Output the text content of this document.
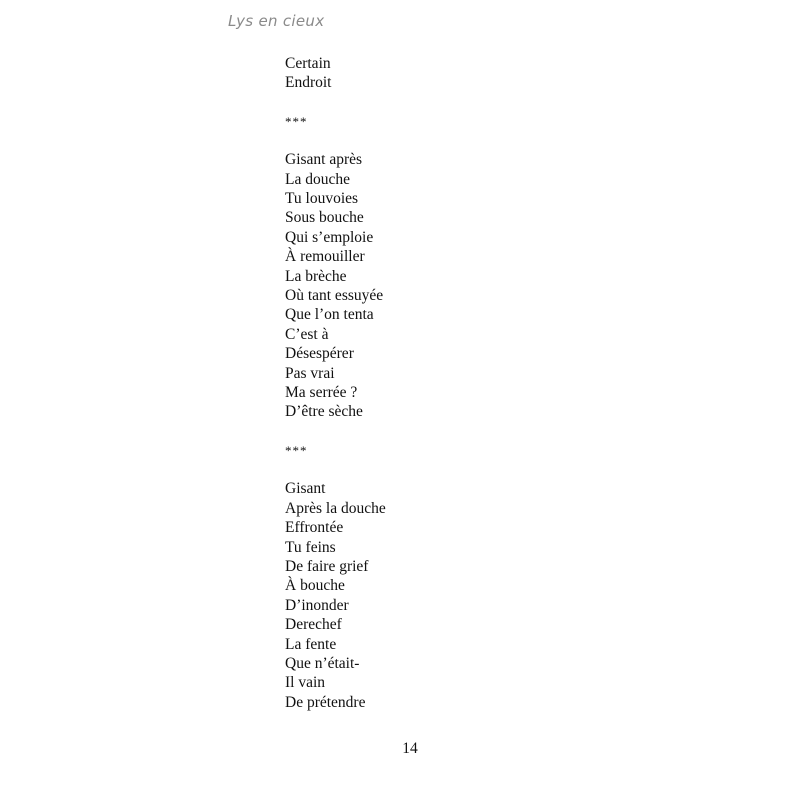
Lys en cieux
Certain
Endroit
***
Gisant après
La douche
Tu louvoies
Sous bouche
Qui s’emploie
À remouiller
La brèche
Où tant essuyée
Que l’on tenta
C’est à
Désespérer
Pas vrai
Ma serrée ?
D’être sèche
***
Gisant
Après la douche
Effrontée
Tu feins
De faire grief
À bouche
D’inonder
Derechef
La fente
Que n’était-
Il vain
De prétendre
14
